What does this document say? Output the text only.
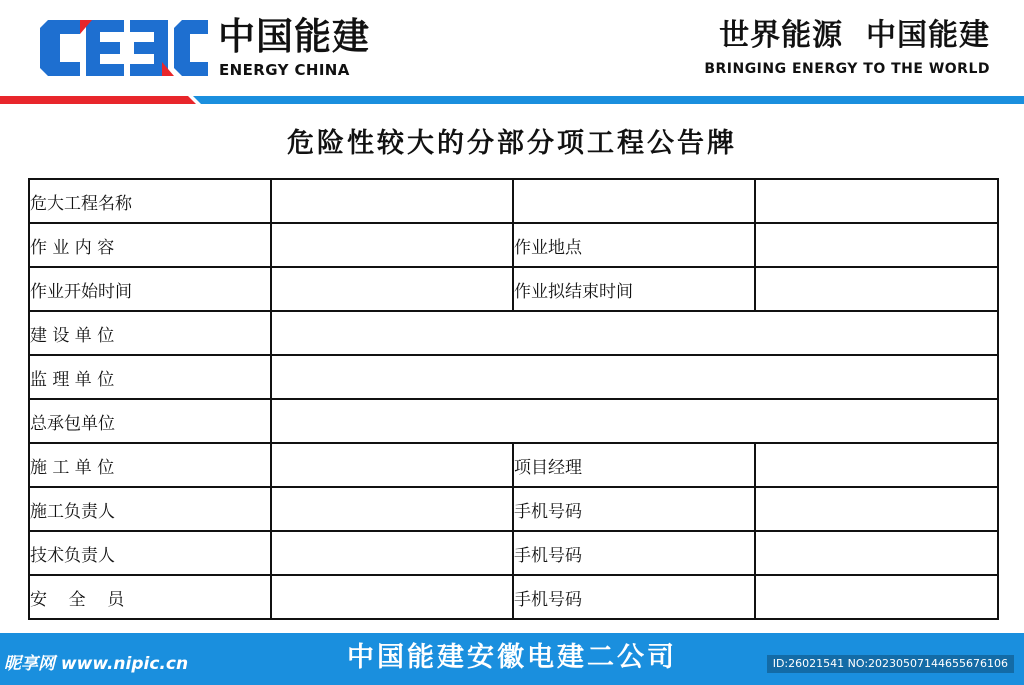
中国能建
ENERGY CHINA
世界能源  中国能建
BRINGING ENERGY TO THE WORLD
危险性较大的分部分项工程公告牌
危大工程名称			
作 业 内 容		作业地点	
作业开始时间		作业拟结束时间	
建 设 单 位			
监 理 单 位			
总承包单位			
施 工 单 位		项目经理	
施工负责人		手机号码	
技术负责人		手机号码	
安    全    员		手机号码	
中国能建安徽电建二公司
昵享网 www.nipic.cn	ID:26021541 NO:20230507144655676106
